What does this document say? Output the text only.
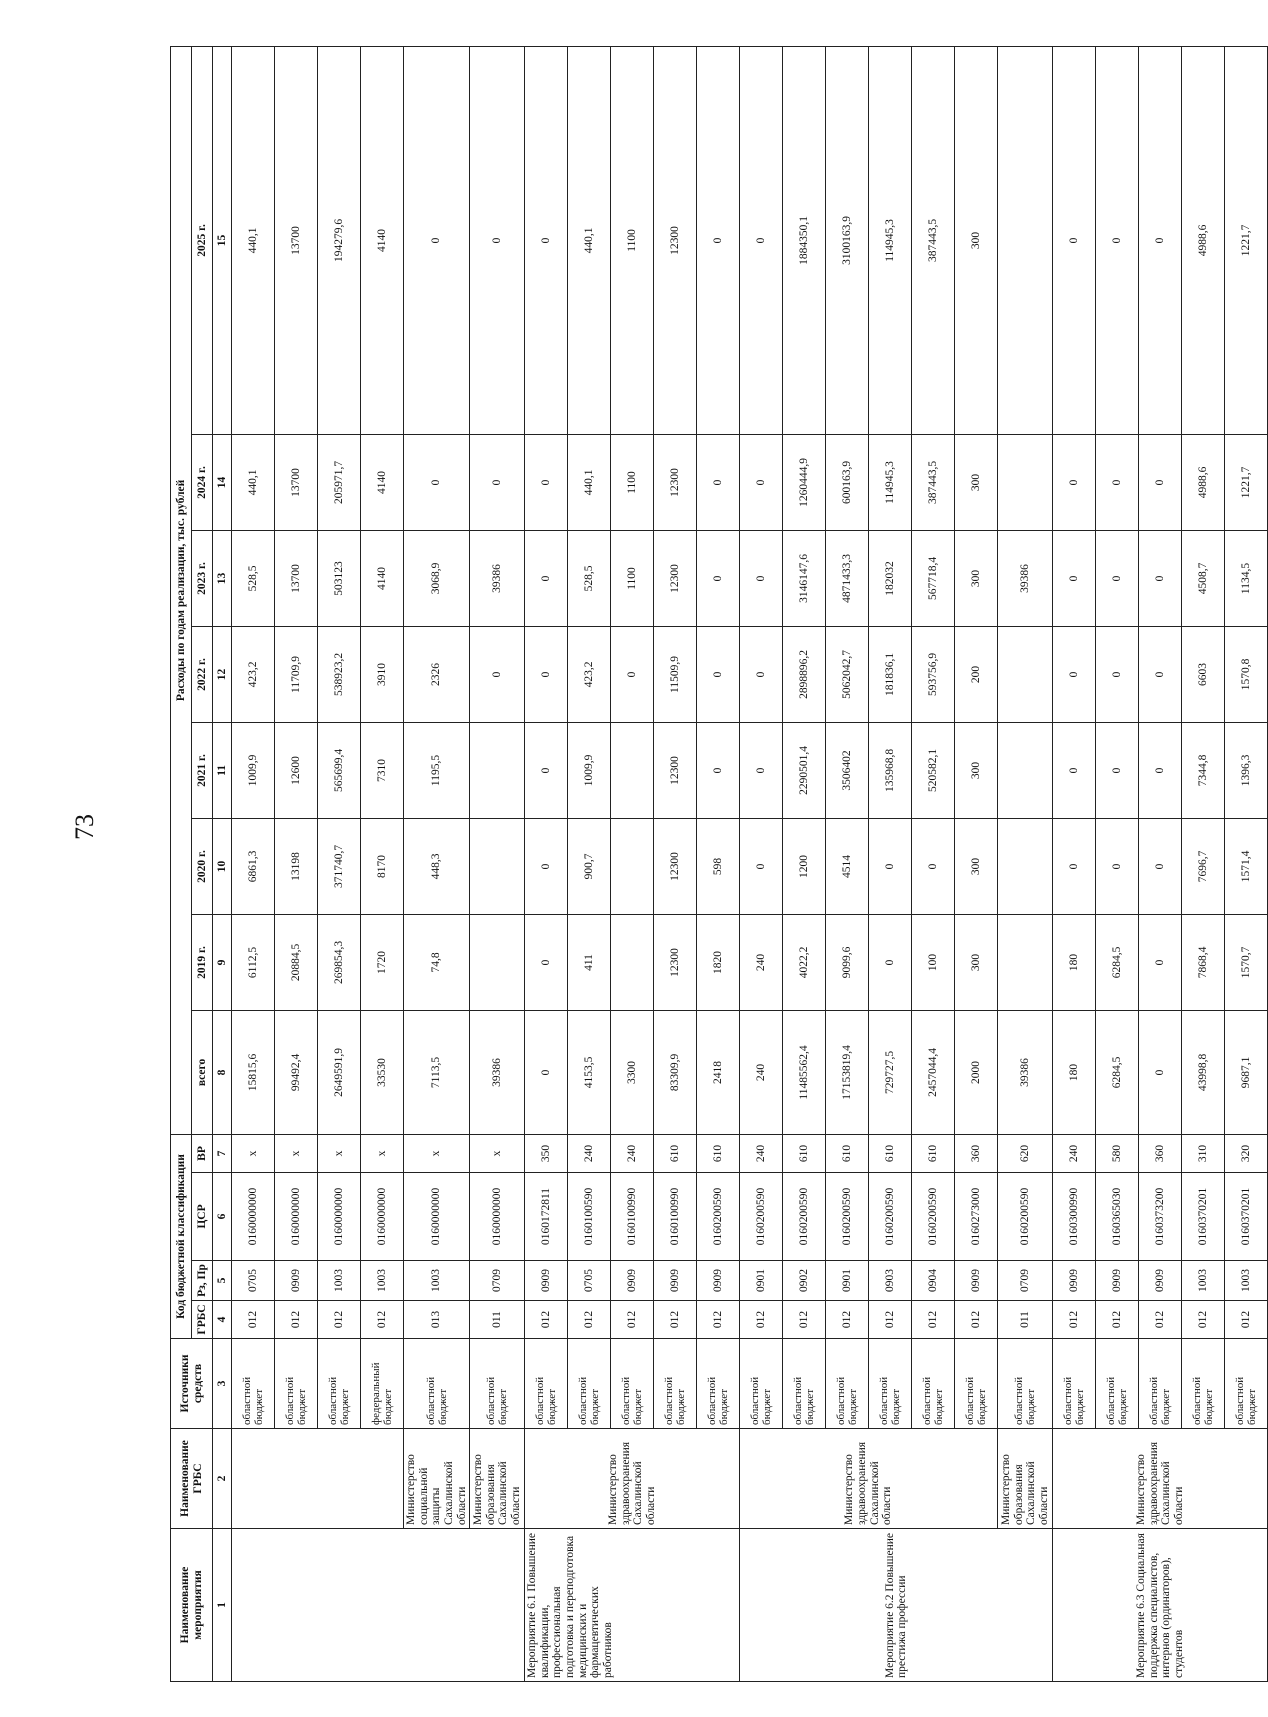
73
Наименование мероприятия	Наименование ГРБС	Источники средств	Код бюджетной классификации				Расходы по годам реализации, тыс. рублей							
			ГРБС	Рз, Пр	ЦСР	ВР	всего	2019 г.	2020 г.	2021 г.	2022 г.	2023 г.	2024 г.	2025 г.

1	2	3	4	5	6	7	8	9	10	11	12	13	14	15
		областной бюджет	012	0705	0160000000	х	15815,6	6112,5	6861,3	1009,9	423,2	528,5	440,1	440,1
		областной бюджет	012	0909	0160000000	х	99492,4	20884,5	13198	12600	11709,9	13700	13700	13700
		областной бюджет	012	1003	0160000000	х	2649591,9	269854,3	371740,7	565699,4	538923,2	503123	205971,7	194279,6
		федеральный бюджет	012	1003	0160000000	х	33530	1720	8170	7310	3910	4140	4140	4140
	Министерство социальной защиты Сахалинской области	областной бюджет	013	1003	0160000000	х	7113,5	74,8	448,3	1195,5	2326	3068,9	0	0
	Министерство образования Сахалинской области	областной бюджет	011	0709	0160000000	х	39386				0	39386	0	0
Мероприятие 6.1 Повышение квалификации, профессиональная подготовка и переподготовка медицинских и фармацевтических работников	Министерство здравоохранения Сахалинской области	областной бюджет	012	0909	0160172811	350	0	0	0	0	0	0	0	0
		областной бюджет	012	0705	0160100590	240	4153,5	411	900,7	1009,9	423,2	528,5	440,1	440,1
		областной бюджет	012	0909	0160100990	240	3300				0	1100	1100	1100
		областной бюджет	012	0909	0160100990	610	83309,9	12300	12300	12300	11509,9	12300	12300	12300
		областной бюджет	012	0909	0160200590	610	2418	1820	598	0	0	0	0	0
Мероприятие 6.2 Повышение престижа профессии	Министерство здравоохранения Сахалинской области	областной бюджет	012	0901	0160200590	240	240	240	0	0	0	0	0	0
		областной бюджет	012	0902	0160200590	610	11485562,4	4022,2	1200	2290501,4	2898896,2	3146147,6	1260444,9	1884350,1
		областной бюджет	012	0901	0160200590	610	17153819,4	9099,6	4514	3506402	5062042,7	4871433,3	600163,9	3100163,9
		областной бюджет	012	0903	0160200590	610	729727,5	0	0	135968,8	181836,1	182032	114945,3	114945,3
		областной бюджет	012	0904	0160200590	610	2457044,4	100	0	520582,1	593756,9	567718,4	387443,5	387443,5
		областной бюджет	012	0909	0160273000	360	2000	300	300	300	200	300	300	300
	Министерство образования Сахалинской области	областной бюджет	011	0709	0160200590	620	39386					39386		
Мероприятие 6.3 Социальная поддержка специалистов, интернов (ординаторов), студентов	Министерство здравоохранения Сахалинской области	областной бюджет	012	0909	0160300990	240	180	180	0	0	0	0	0	0
		областной бюджет	012	0909	0160365030	580	6284,5	6284,5	0	0	0	0	0	0
		областной бюджет	012	0909	0160373200	360	0	0	0	0	0	0	0	0
		областной бюджет	012	1003	0160370201	310	43998,8	7868,4	7696,7	7344,8	6603	4508,7	4988,6	4988,6
		областной бюджет	012	1003	0160370201	320	9687,1	1570,7	1571,4	1396,3	1570,8	1134,5	1221,7	1221,7
